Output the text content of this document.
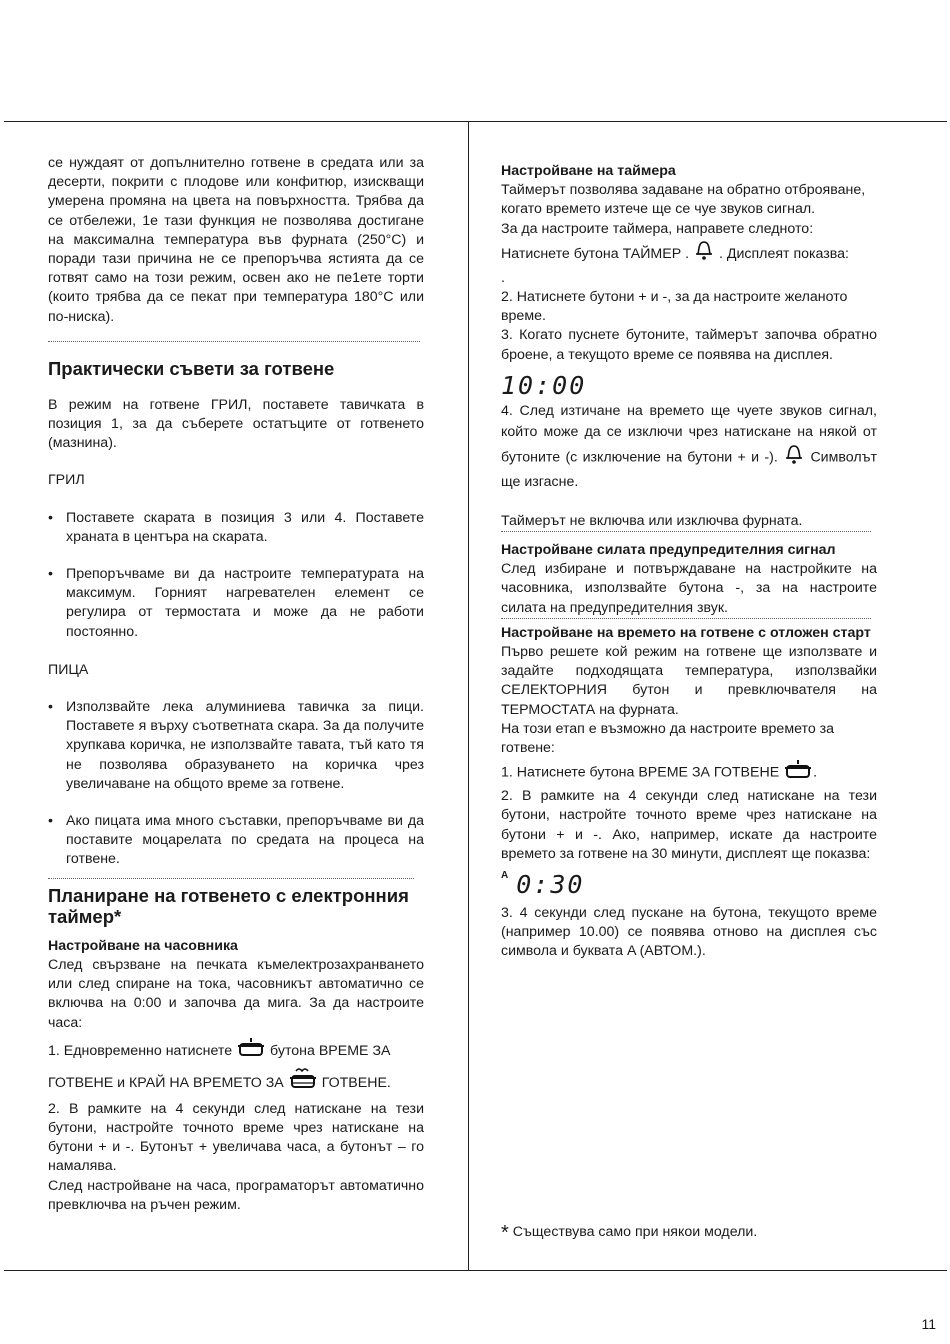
се нуждаят от допълнително готвене в средата или за десерти, покрити с плодове или конфитюр, изискващи умерена промяна на цвета на повърхността. Трябва да се отбележи, 1е тази функция не позволява достигане на максимална температура във фурната (250°C) и поради тази причина не се препоръчва ястията да се готвят само на този режим, освен ако не пе1ете торти (които трябва да се пекат при температура 180°C или по-ниска).

Практически съвети за готвене

В режим на готвене ГРИЛ, поставете тавичката в позиция 1, за да съберете остатъците от готвенето (мазнина).

ГРИЛ

• Поставете скарата в позиция 3 или 4. Поставете храната в центъра на скарата.
• Препоръчваме ви да настроите температурата на максимум. Горният нагревателен елемент се регулира от термостата и може да не работи постоянно.

ПИЦА

• Използвайте лека алуминиева тавичка за пици. Поставете я върху съответната скара. За да получите хрупкава коричка, не използвайте тавата, тъй като тя не позволява образуването на коричка чрез увеличаване на общото време за готвене.
• Ако пицата има много съставки, препоръчваме ви да поставите моцарелата по средата на процеса на готвене.
Планиране на готвенето с електронния таймер*
Настройване на часовника

След свързване на печката къмелектрозахранването или след спиране на тока, часовникът автоматично се включва на 0:00 и започва да мига. За да настроите часа:

1. Едновременно натиснете	бутона ВРЕМЕ ЗА ГОТВЕНЕ и КРАЙ НА ВРЕМЕТО ЗА	ГОТВЕНЕ.

2. В рамките на 4 секунди след натискане на тези бутони, настройте точното време чрез натискане на бутони + и -. Бутонът + увеличава часа, а бутонът – го намалява.

След настройване на часа, програматорът автоматично превключва на ръчен режим.

Настройване на таймера

Таймерът позволява задаване на обратно отброяване, когато времето изтече ще се чуе звуков сигнал.

За да настроите таймера, направете следното:

Натиснете бутона ТАЙМЕР . . Дисплеят показва:

.

2. Натиснете бутони + и -, за да настроите желаното време.

3. Когато пуснете бутоните, таймерът започва обратно броене, а текущото време се появява на дисплея.

10:00

4. След изтичане на времето ще чуете звуков сигнал, който може да се изключи чрез натискане на някой от бутоните (с изключение на бутони + и -). Символът ще изгасне.

Таймерът не включва или изключва фурната.

Настройване силата предупредителния сигнал

След избиране и потвърждаване на настройките на часовника, използвайте бутона -, за на настроите силата на предупредителния звук.

Настройване на времето на готвене с отложен старт

Първо решете кой режим на готвене ще използвате и задайте подходящата температура, използвайки СЕЛЕКТОРНИЯ бутон и превключвателя на ТЕРМОСТАТА на фурната.

На този етап е възможно да настроите времето за готвене:

1. Натиснете бутона ВРЕМЕ ЗА ГОТВЕНЕ .

2. В рамките на 4 секунди след натискане на тези бутони, настройте точното време чрез натискане на бутони + и -. Ако, например, искате да настроите времето за готвене на 30 минути, дисплеят ще показва:

$^A$ 0:30

3. 4 секунди след пускане на бутона, текущото време (например 10.00) се появява отново на дисплея със символа и буквата A (АВТОМ.).

* Съществува само при някои модели.
11
